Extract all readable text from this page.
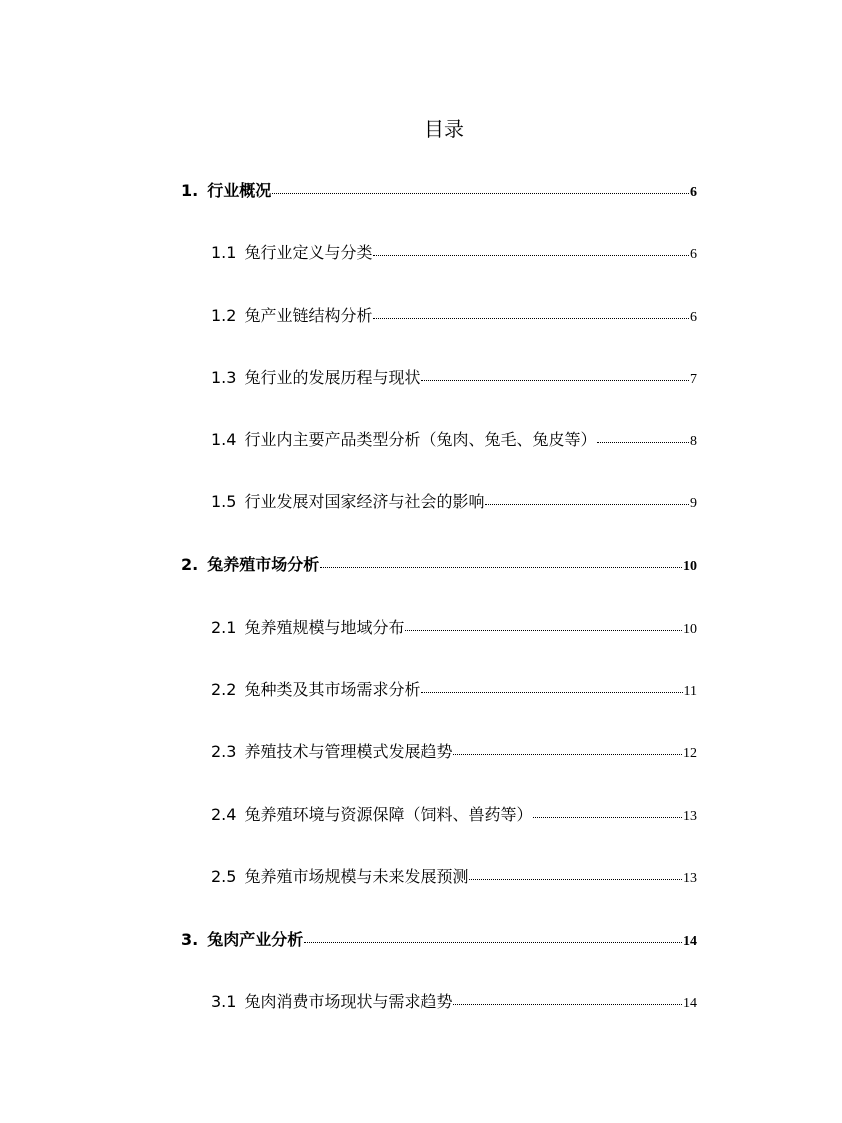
目录
1. 行业概况	6
1.1 兔行业定义与分类	6
1.2 兔产业链结构分析	6
1.3 兔行业的发展历程与现状	7
1.4 行业内主要产品类型分析（兔肉、兔毛、兔皮等）	8
1.5 行业发展对国家经济与社会的影响	9
2. 兔养殖市场分析	10
2.1 兔养殖规模与地域分布	10
2.2 兔种类及其市场需求分析	11
2.3 养殖技术与管理模式发展趋势	12
2.4 兔养殖环境与资源保障（饲料、兽药等）	13
2.5 兔养殖市场规模与未来发展预测	13
3. 兔肉产业分析	14
3.1 兔肉消费市场现状与需求趋势	14
